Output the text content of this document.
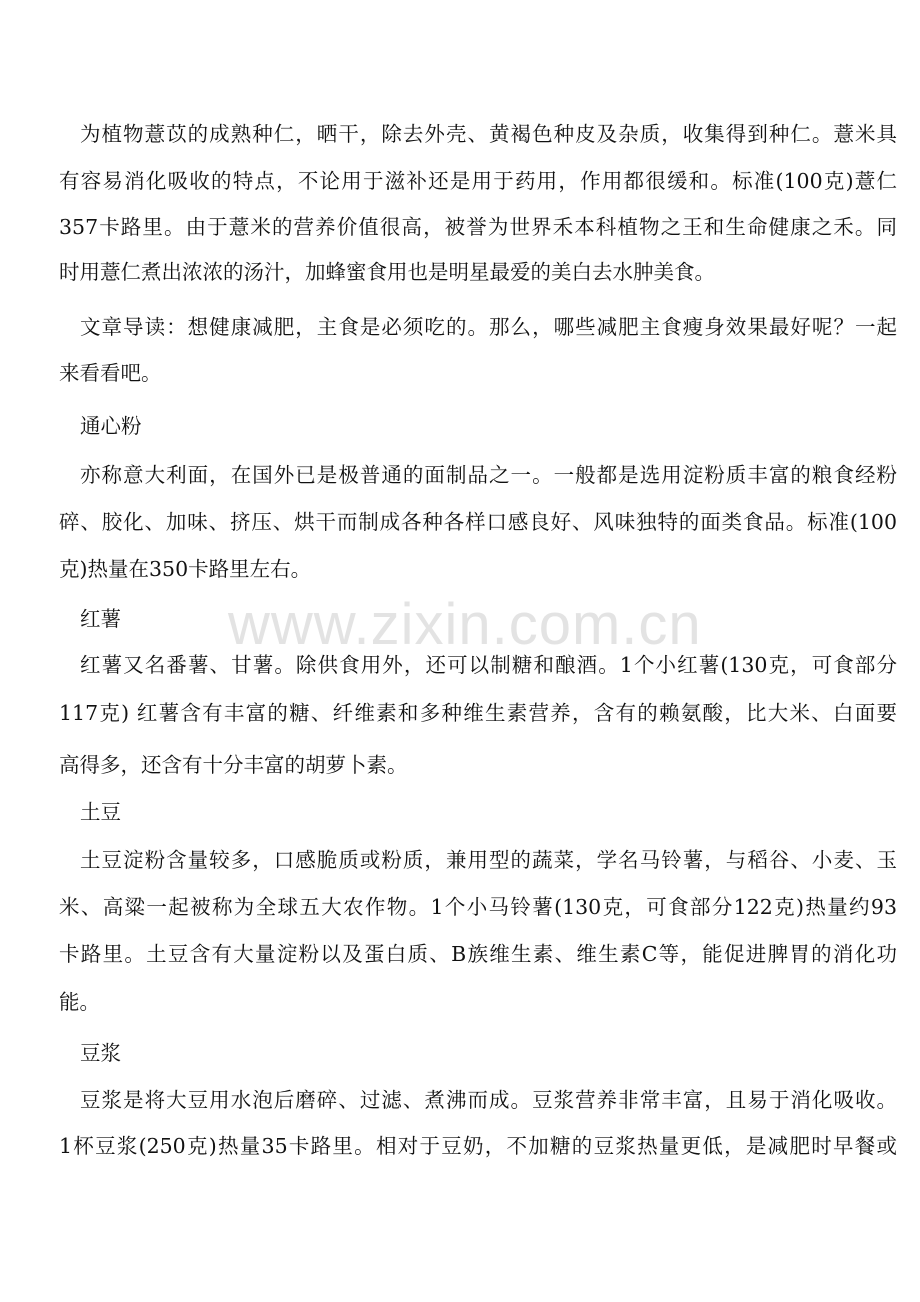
www.zixin.com.cn
为植物薏苡的成熟种仁，晒干，除去外壳、黄褐色种皮及杂质，收集得到种仁。薏米具
有容易消化吸收的特点，不论用于滋补还是用于药用，作用都很缓和。标准(100克)薏仁
357卡路里。由于薏米的营养价值很高，被誉为世界禾本科植物之王和生命健康之禾。同
时用薏仁煮出浓浓的汤汁，加蜂蜜食用也是明星最爱的美白去水肿美食。
文章导读：想健康减肥，主食是必须吃的。那么，哪些减肥主食瘦身效果最好呢？一起
来看看吧。
通心粉
亦称意大利面，在国外已是极普通的面制品之一。一般都是选用淀粉质丰富的粮食经粉
碎、胶化、加味、挤压、烘干而制成各种各样口感良好、风味独特的面类食品。标准(100
克)热量在350卡路里左右。
红薯
红薯又名番薯、甘薯。除供食用外，还可以制糖和酿酒。1个小红薯(130克，可食部分
117克) 红薯含有丰富的糖、纤维素和多种维生素营养，含有的赖氨酸，比大米、白面要
高得多，还含有十分丰富的胡萝卜素。
土豆
土豆淀粉含量较多，口感脆质或粉质，兼用型的蔬菜，学名马铃薯，与稻谷、小麦、玉
米、高粱一起被称为全球五大农作物。1个小马铃薯(130克，可食部分122克)热量约93
卡路里。土豆含有大量淀粉以及蛋白质、B族维生素、维生素C等，能促进脾胃的消化功
能。
豆浆
豆浆是将大豆用水泡后磨碎、过滤、煮沸而成。豆浆营养非常丰富，且易于消化吸收。
1杯豆浆(250克)热量35卡路里。相对于豆奶，不加糖的豆浆热量更低，是减肥时早餐或
